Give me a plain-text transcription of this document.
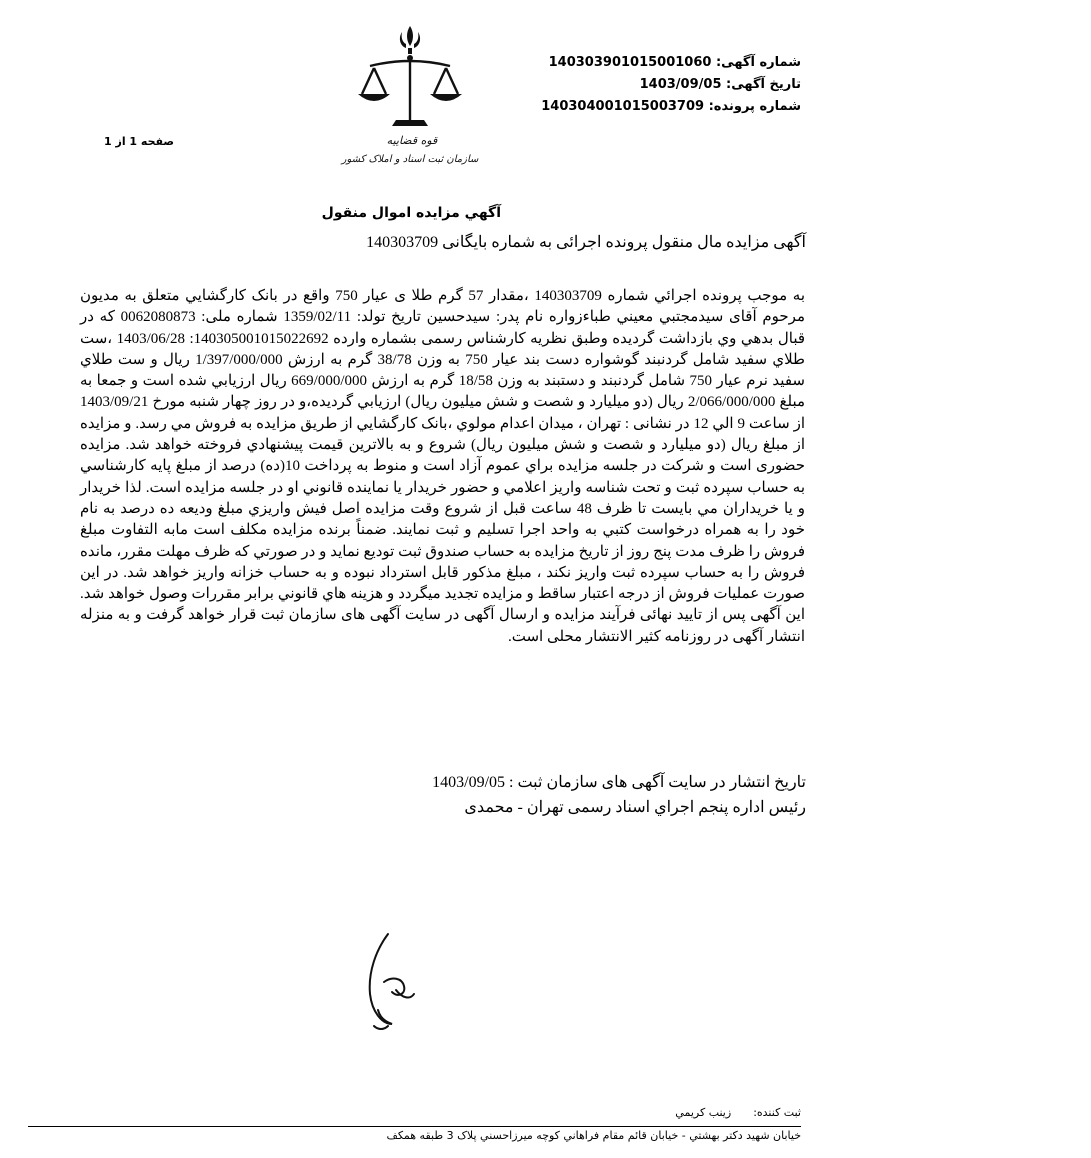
شماره آگهی: 140303901015001060
تاریخ آگهی: 1403/09/05
شماره پرونده: 140304001015003709
صفحه 1 از 1	قوه قضاییه
سازمان ثبت اسناد و املاک کشور
آگهي مزايده اموال منقول
آگهی مزایده مال منقول پرونده اجرائی به شماره بایگانی 140303709

به موجب پرونده اجرائي شماره 140303709 ،مقدار 57 گرم طلا ی عیار 750 واقع در بانک کارگشايي متعلق به مديون مرحوم آقای سیدمجتبي معیني طباءزواره نام پدر: سیدحسین تاريخ تولد: 1359/02/11 شماره ملی: 0062080873 که در قبال بدهي وي بازداشت گرديده وطبق نظريه کارشناس رسمی بشماره وارده 140305001015022692: 1403/06/28 ،ست طلاي سفيد شامل گردنبند گوشواره دست بند عيار 750 به وزن 38/78 گرم به ارزش 1/397/000/000 ريال و ست طلاي سفيد نرم عيار 750 شامل گردنبند و دستبند به وزن 18/58 گرم به ارزش 669/000/000 ريال ارزيابي شده است و جمعا به مبلغ 2/066/000/000 ريال (دو ميليارد و شصت و شش ميليون ريال) ارزيابي گرديده،و در روز چهار شنبه مورخ 1403/09/21 از ساعت 9 الي 12 در نشانی : تهران ، ميدان اعدام مولوي ،بانک کارگشايي از طريق مزايده به فروش مي رسد. و مزايده از مبلغ ريال (دو ميليارد و شصت و شش ميليون ريال) شروع و به بالاترين قيمت پيشنهادي فروخته خواهد شد. مزايده حضوری است و شرکت در جلسه مزايده براي عموم آزاد است و منوط به پرداخت 10(ده) درصد از مبلغ پايه کارشناسي به حساب سپرده ثبت و تحت شناسه واريز اعلامي و حضور خريدار يا نماينده قانوني او در جلسه مزايده است. لذا خريدار و يا خريداران مي بايست تا ظرف 48 ساعت قبل از شروع وقت مزايده اصل فيش واريزي مبلغ وديعه ده درصد به نام خود را به همراه درخواست کتبي به واحد اجرا تسليم و ثبت نمايند. ضمناً برنده مزايده مکلف است مابه التفاوت مبلغ فروش را ظرف مدت پنج روز از تاريخ مزايده به حساب صندوق ثبت توديع نمايد و در صورتي که ظرف مهلت مقرر، مانده فروش را به حساب سپرده ثبت واريز نکند ، مبلغ مذکور قابل استرداد نبوده و به حساب خزانه واريز خواهد شد. در اين صورت عمليات فروش از درجه اعتبار ساقط و مزايده تجديد ميگردد و هزينه هاي قانوني برابر مقررات وصول خواهد شد. این آگهی پس از تایید نهائی فرآیند مزایده و ارسال آگهی در سایت آگهی های سازمان ثبت قرار خواهد گرفت و به منزله انتشار آگهی در روزنامه کثیر الانتشار محلی است.

تاریخ انتشار در سایت آگهی های سازمان ثبت : 1403/09/05
رئیس اداره پنجم اجراي اسناد رسمی تهران - محمدی
ثبت کننده:زينب کريمي
خيابان شهيد دکتر بهشتي - خيابان قائم مقام فراهاني کوچه ميرزاحسني پلاک 3 طبقه همکف
